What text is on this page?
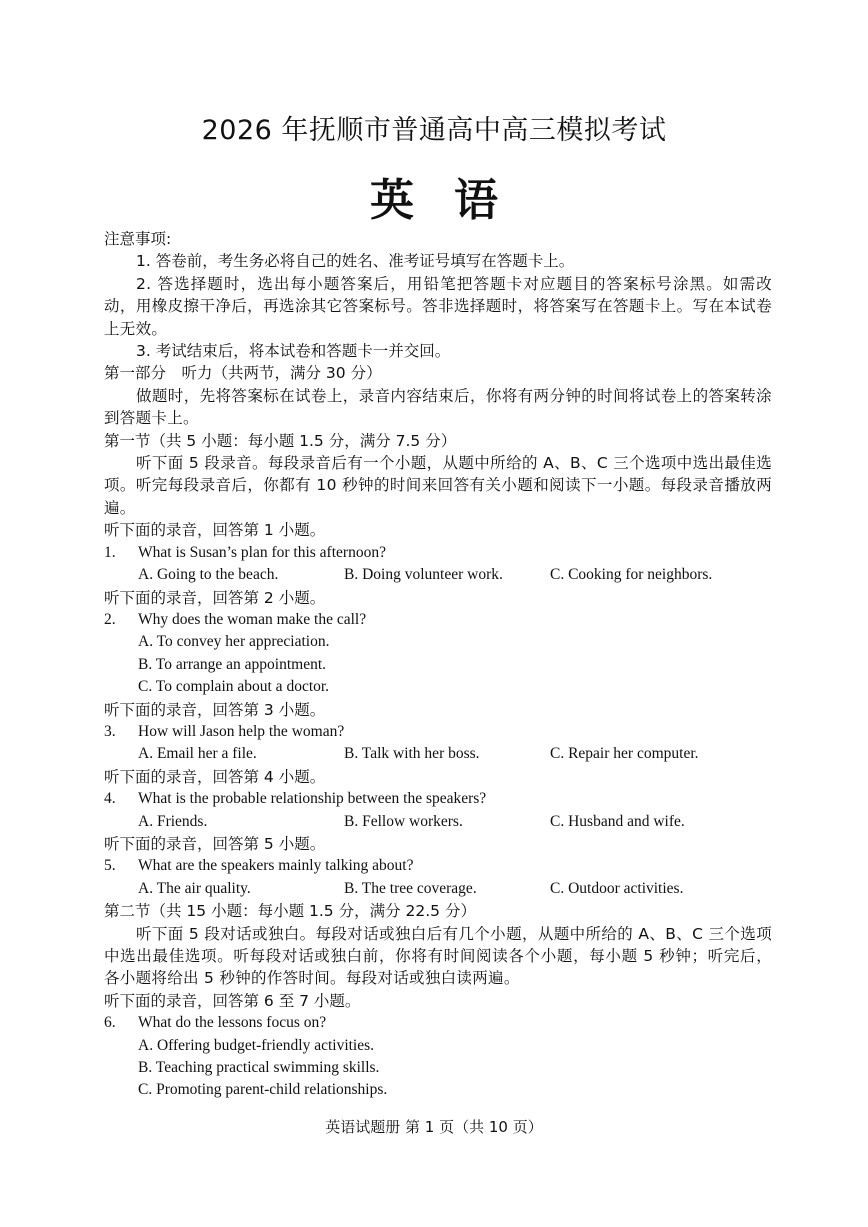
2026 年抚顺市普通高中高三模拟考试
英语
注意事项:
1. 答卷前，考生务必将自己的姓名、准考证号填写在答题卡上。
2. 答选择题时，选出每小题答案后，用铅笔把答题卡对应题目的答案标号涂黑。如需改动，用橡皮擦干净后，再选涂其它答案标号。答非选择题时，将答案写在答题卡上。写在本试卷上无效。
3. 考试结束后，将本试卷和答题卡一并交回。
第一部分　听力（共两节，满分 30 分）
做题时，先将答案标在试卷上，录音内容结束后，你将有两分钟的时间将试卷上的答案转涂到答题卡上。
第一节（共 5 小题：每小题 1.5 分，满分 7.5 分）
听下面 5 段录音。每段录音后有一个小题，从题中所给的 A、B、C 三个选项中选出最佳选项。听完每段录音后，你都有 10 秒钟的时间来回答有关小题和阅读下一小题。每段录音播放两遍。
听下面的录音，回答第 1 小题。
1.	What is Susan’s plan for this afternoon?
A. Going to the beach.	B. Doing volunteer work.	C. Cooking for neighbors.
听下面的录音，回答第 2 小题。
2.	Why does the woman make the call?
A. To convey her appreciation.
B. To arrange an appointment.
C. To complain about a doctor.
听下面的录音，回答第 3 小题。
3.	How will Jason help the woman?
A. Email her a file.	B. Talk with her boss.	C. Repair her computer.
听下面的录音，回答第 4 小题。
4.	What is the probable relationship between the speakers?
A. Friends.	B. Fellow workers.	C. Husband and wife.
听下面的录音，回答第 5 小题。
5.	What are the speakers mainly talking about?
A. The air quality.	B. The tree coverage.	C. Outdoor activities.
第二节（共 15 小题：每小题 1.5 分，满分 22.5 分）
听下面 5 段对话或独白。每段对话或独白后有几个小题，从题中所给的 A、B、C 三个选项中选出最佳选项。听每段对话或独白前，你将有时间阅读各个小题，每小题 5 秒钟；听完后，各小题将给出 5 秒钟的作答时间。每段对话或独白读两遍。
听下面的录音，回答第 6 至 7 小题。
6.	What do the lessons focus on?
A. Offering budget-friendly activities.
B. Teaching practical swimming skills.
C. Promoting parent-child relationships.
英语试题册 第 1 页（共 10 页）
